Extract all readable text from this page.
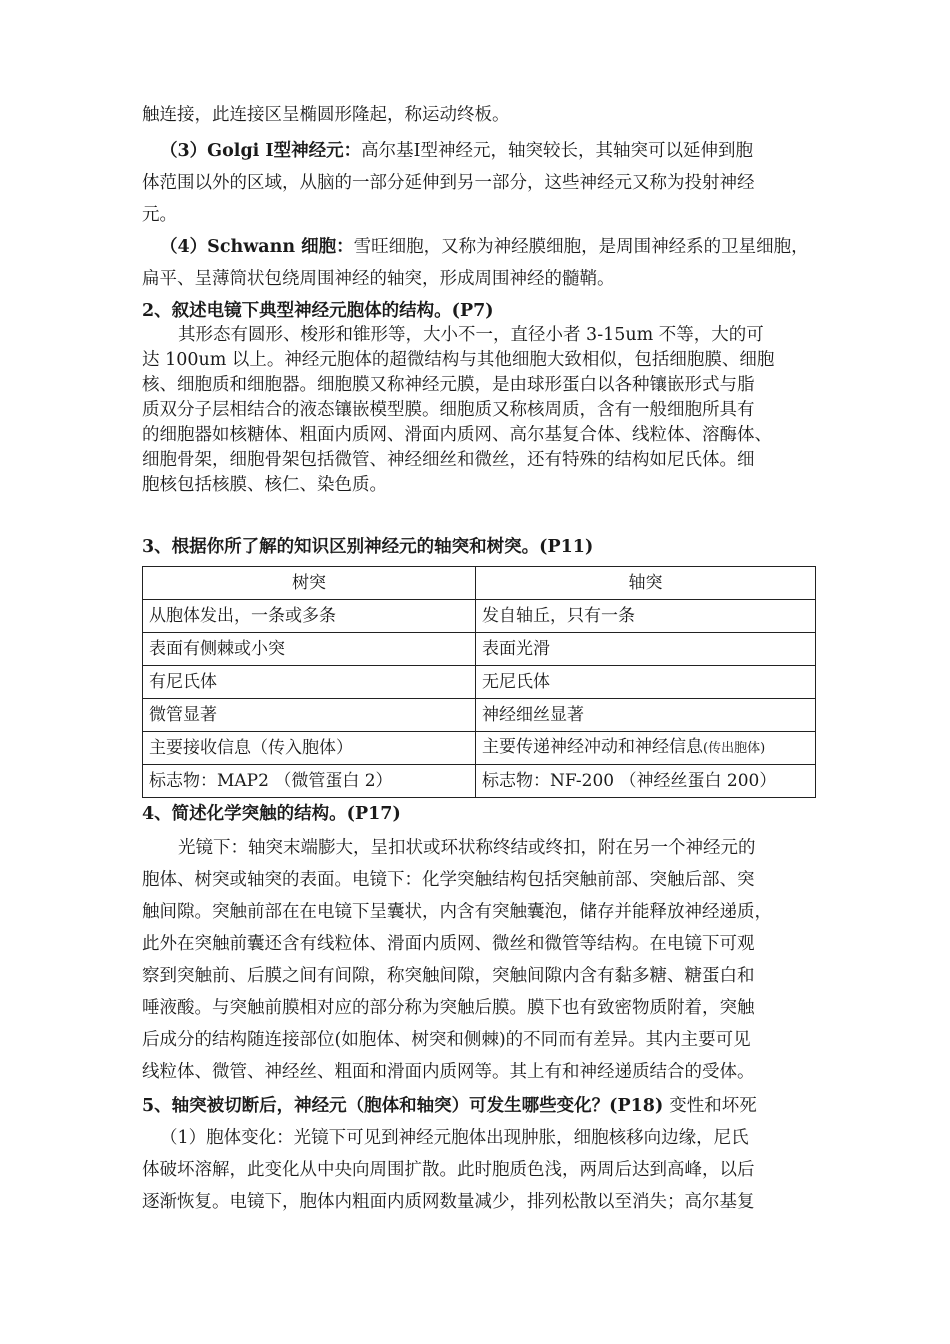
触连接，此连接区呈椭圆形隆起，称运动终板。
（3）Golgi Ⅰ型神经元：高尔基Ⅰ型神经元，轴突较长，其轴突可以延伸到胞
体范围以外的区域，从脑的一部分延伸到另一部分，这些神经元又称为投射神经
元。
（4）Schwann 细胞：雪旺细胞，又称为神经膜细胞，是周围神经系的卫星细胞，
扁平、呈薄筒状包绕周围神经的轴突，形成周围神经的髓鞘。
2、叙述电镜下典型神经元胞体的结构。(P7)
其形态有圆形、梭形和锥形等，大小不一，直径小者 3-15um 不等，大的可
达 100um 以上。神经元胞体的超微结构与其他细胞大致相似，包括细胞膜、细胞
核、细胞质和细胞器。细胞膜又称神经元膜，是由球形蛋白以各种镶嵌形式与脂
质双分子层相结合的液态镶嵌模型膜。细胞质又称核周质，含有一般细胞所具有
的细胞器如核糖体、粗面内质网、滑面内质网、高尔基复合体、线粒体、溶酶体、
细胞骨架，细胞骨架包括微管、神经细丝和微丝，还有特殊的结构如尼氏体。细
胞核包括核膜、核仁、染色质。
3、根据你所了解的知识区别神经元的轴突和树突。(P11)
树突	轴突
从胞体发出，一条或多条	发自轴丘，只有一条
表面有侧棘或小突	表面光滑
有尼氏体	无尼氏体
微管显著	神经细丝显著
主要接收信息（传入胞体）	主要传递神经冲动和神经信息(传出胞体)
标志物：MAP2 （微管蛋白 2）	标志物：NF-200 （神经丝蛋白 200）
4、简述化学突触的结构。(P17)
光镜下：轴突末端膨大，呈扣状或环状称终结或终扣，附在另一个神经元的
胞体、树突或轴突的表面。电镜下：化学突触结构包括突触前部、突触后部、突
触间隙。突触前部在在电镜下呈囊状，内含有突触囊泡，储存并能释放神经递质，
此外在突触前囊还含有线粒体、滑面内质网、微丝和微管等结构。在电镜下可观
察到突触前、后膜之间有间隙，称突触间隙，突触间隙内含有黏多糖、糖蛋白和
唾液酸。与突触前膜相对应的部分称为突触后膜。膜下也有致密物质附着，突触
后成分的结构随连接部位(如胞体、树突和侧棘)的不同而有差异。其内主要可见
线粒体、微管、神经丝、粗面和滑面内质网等。其上有和神经递质结合的受体。
5、轴突被切断后，神经元（胞体和轴突）可发生哪些变化？(P18) 变性和坏死
（1）胞体变化：光镜下可见到神经元胞体出现肿胀，细胞核移向边缘，尼氏
体破坏溶解，此变化从中央向周围扩散。此时胞质色浅，两周后达到高峰，以后
逐渐恢复。电镜下，胞体内粗面内质网数量减少，排列松散以至消失；高尔基复
